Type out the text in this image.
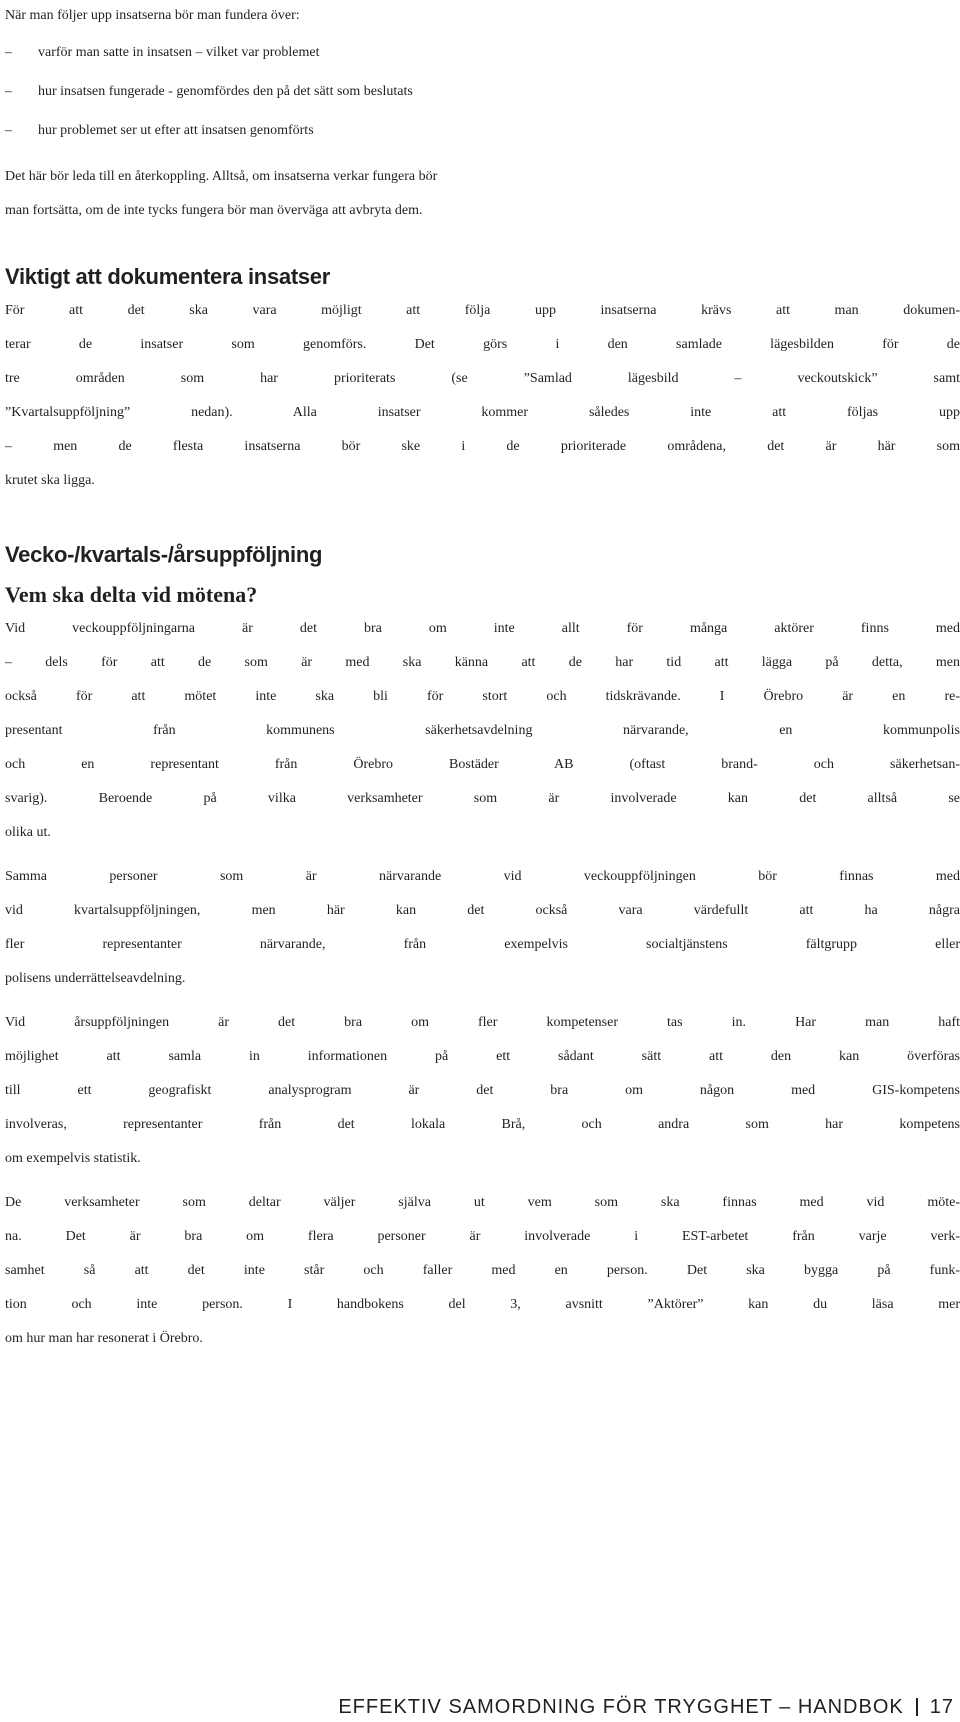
När man följer upp insatserna bör man fundera över:

– varför man satte in insatsen – vilket var problemet
– hur insatsen fungerade - genomfördes den på det sätt som beslutats
– hur problemet ser ut efter att insatsen genomförts
Det här bör leda till en återkoppling. Alltså, om insatserna verkar fungera bör
man fortsätta, om de inte tycks fungera bör man överväga att avbryta dem.
Viktigt att dokumentera insatser
För att det ska vara möjligt att följa upp insatserna krävs att man dokumen-
terar de insatser som genomförs. Det görs i den samlade lägesbilden för de
tre områden som har prioriterats (se ”Samlad lägesbild – veckoutskick” samt
”Kvartalsuppföljning” nedan). Alla insatser kommer således inte att följas upp
– men de flesta insatserna bör ske i de prioriterade områdena, det är här som
krutet ska ligga.
Vecko-/kvartals-/årsuppföljning
Vem ska delta vid mötena?
Vid veckouppföljningarna är det bra om inte allt för många aktörer finns med
– dels för att de som är med ska känna att de har tid att lägga på detta, men
också för att mötet inte ska bli för stort och tidskrävande. I Örebro är en re-
presentant från kommunens säkerhetsavdelning närvarande, en kommunpolis
och en representant från Örebro Bostäder AB (oftast brand- och säkerhetsan-
svarig). Beroende på vilka verksamheter som är involverade kan det alltså se
olika ut.
Samma personer som är närvarande vid veckouppföljningen bör finnas med
vid kvartalsuppföljningen, men här kan det också vara värdefullt att ha några
fler representanter närvarande, från exempelvis socialtjänstens fältgrupp eller
polisens underrättelseavdelning.
Vid årsuppföljningen är det bra om fler kompetenser tas in. Har man haft
möjlighet att samla in informationen på ett sådant sätt att den kan överföras
till ett geografiskt analysprogram är det bra om någon med GIS-kompetens
involveras, representanter från det lokala Brå, och andra som har kompetens
om exempelvis statistik.
De verksamheter som deltar väljer själva ut vem som ska finnas med vid möte-
na. Det är bra om flera personer är involverade i EST-arbetet från varje verk-
samhet så att det inte står och faller med en person. Det ska bygga på funk-
tion och inte person. I handbokens del 3, avsnitt ”Aktörer” kan du läsa mer
om hur man har resonerat i Örebro.
EFFEKTIV SAMORDNING FÖR TRYGGHET – HANDBOK 17
